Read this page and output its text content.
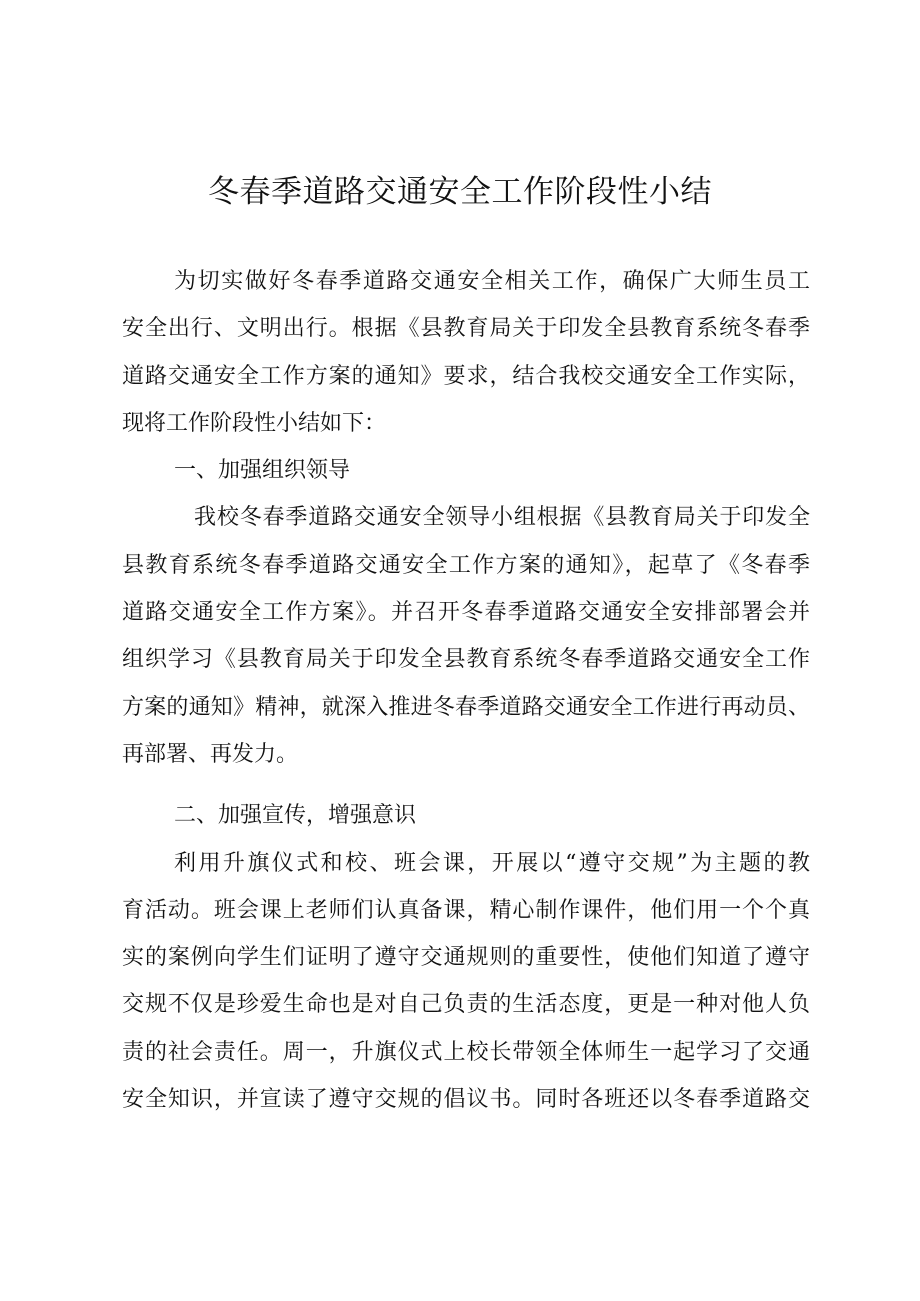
冬春季道路交通安全工作阶段性小结
为切实做好冬春季道路交通安全相关工作，确保广大师生员工
安全出行、文明出行。根据《县教育局关于印发全县教育系统冬春季
道路交通安全工作方案的通知》要求，结合我校交通安全工作实际，
现将工作阶段性小结如下：
一、加强组织领导
我校冬春季道路交通安全领导小组根据《县教育局关于印发全
县教育系统冬春季道路交通安全工作方案的通知》，起草了《冬春季
道路交通安全工作方案》。并召开冬春季道路交通安全安排部署会并
组织学习《县教育局关于印发全县教育系统冬春季道路交通安全工作
方案的通知》精神，就深入推进冬春季道路交通安全工作进行再动员、
再部署、再发力。
二、加强宣传，增强意识
利用升旗仪式和校、班会课，开展以“遵守交规”为主题的教
育活动。班会课上老师们认真备课，精心制作课件，他们用一个个真
实的案例向学生们证明了遵守交通规则的重要性，使他们知道了遵守
交规不仅是珍爱生命也是对自己负责的生活态度，更是一种对他人负
责的社会责任。周一，升旗仪式上校长带领全体师生一起学习了交通
安全知识，并宣读了遵守交规的倡议书。同时各班还以冬春季道路交
